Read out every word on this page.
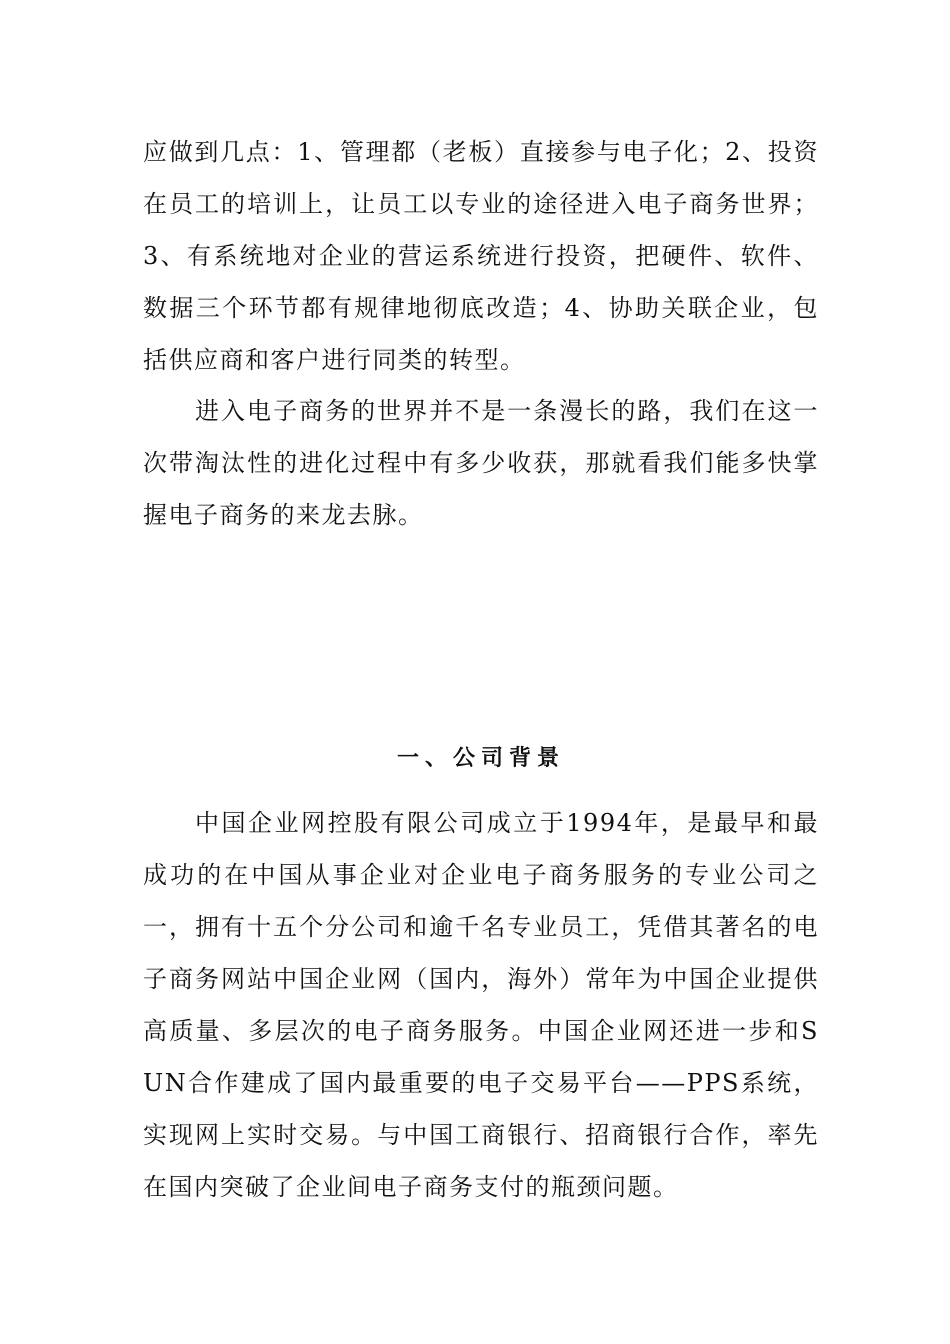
应做到几点：1、管理都（老板）直接参与电子化；2、投资在员工的培训上，让员工以专业的途径进入电子商务世界；3、有系统地对企业的营运系统进行投资，把硬件、软件、数据三个环节都有规律地彻底改造；4、协助关联企业，包括供应商和客户进行同类的转型。

进入电子商务的世界并不是一条漫长的路，我们在这一次带淘汰性的进化过程中有多少收获，那就看我们能多快掌握电子商务的来龙去脉。

一、公司背景

中国企业网控股有限公司成立于1994年，是最早和最成功的在中国从事企业对企业电子商务服务的专业公司之一，拥有十五个分公司和逾千名专业员工，凭借其著名的电子商务网站中国企业网（国内，海外）常年为中国企业提供高质量、多层次的电子商务服务。中国企业网还进一步和SUN合作建成了国内最重要的电子交易平台——PPS系统，实现网上实时交易。与中国工商银行、招商银行合作，率先在国内突破了企业间电子商务支付的瓶颈问题。
